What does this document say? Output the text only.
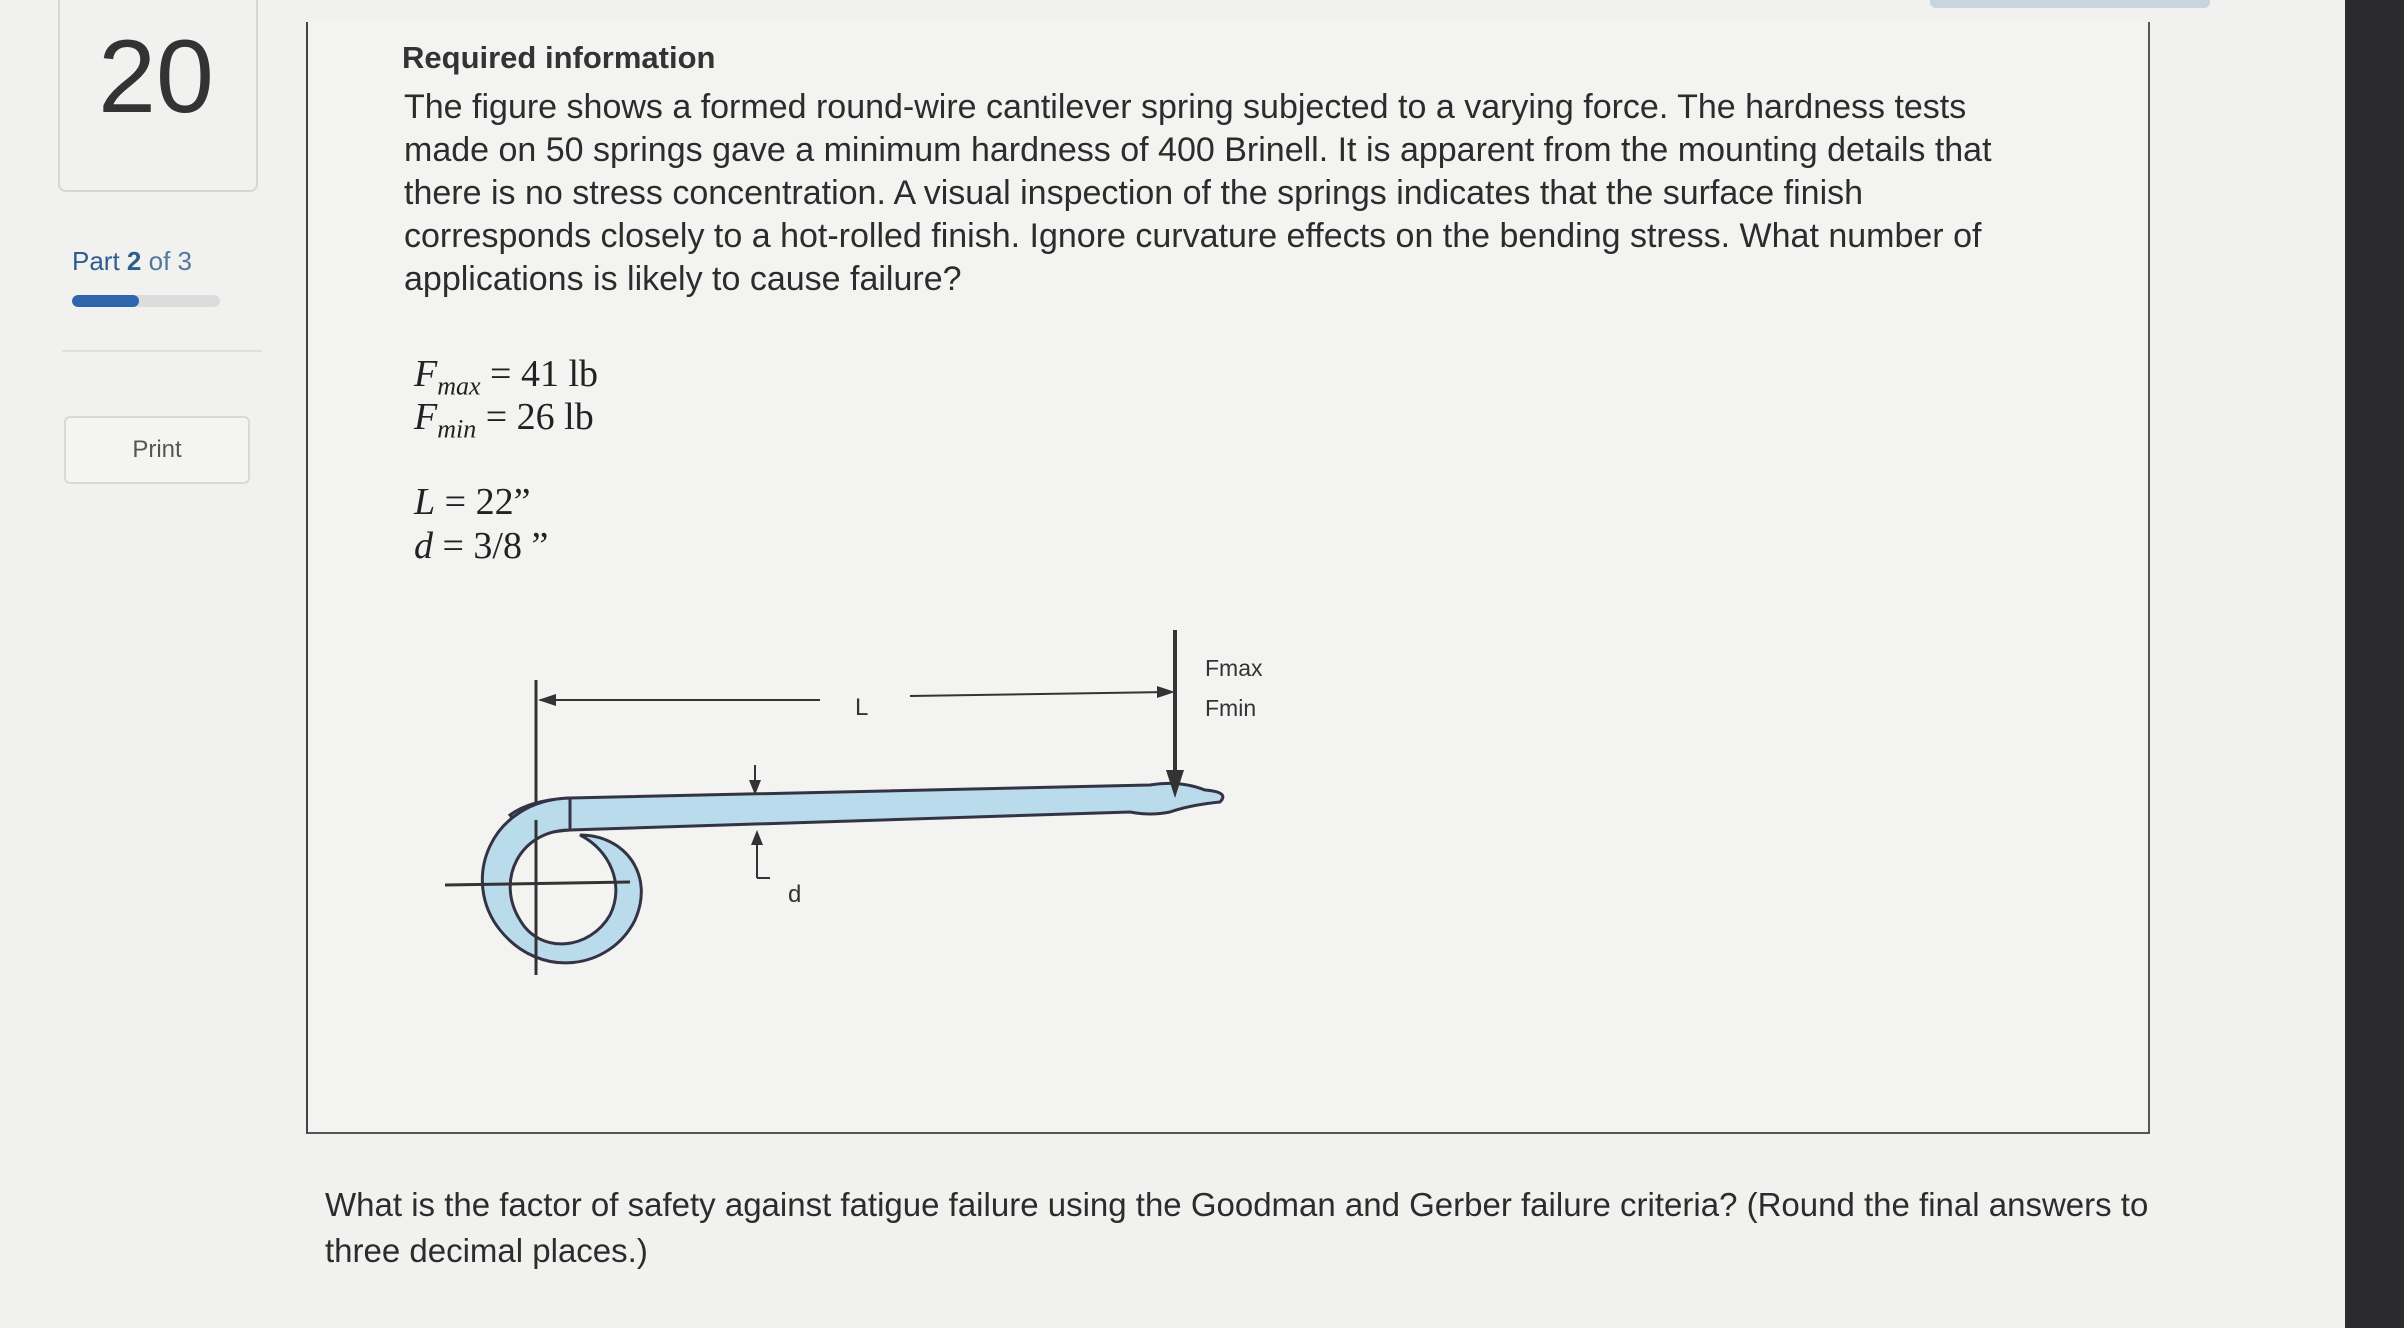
20
Part 2 of 3
Print
Required information

The figure shows a formed round-wire cantilever spring subjected to a varying force. The hardness tests made on 50 springs gave a minimum hardness of 400 Brinell. It is apparent from the mounting details that there is no stress concentration. A visual inspection of the springs indicates that the surface finish corresponds closely to a hot-rolled finish. Ignore curvature effects on the bending stress. What number of applications is likely to cause failure?

$F_{max} = 41$ lb
$F_{min} = 26$ lb
L = 22”
d = 3/8 ”
L
d
Fmax
Fmin

What is the factor of safety against fatigue failure using the Goodman and Gerber failure criteria? (Round the final answers to three decimal places.)
